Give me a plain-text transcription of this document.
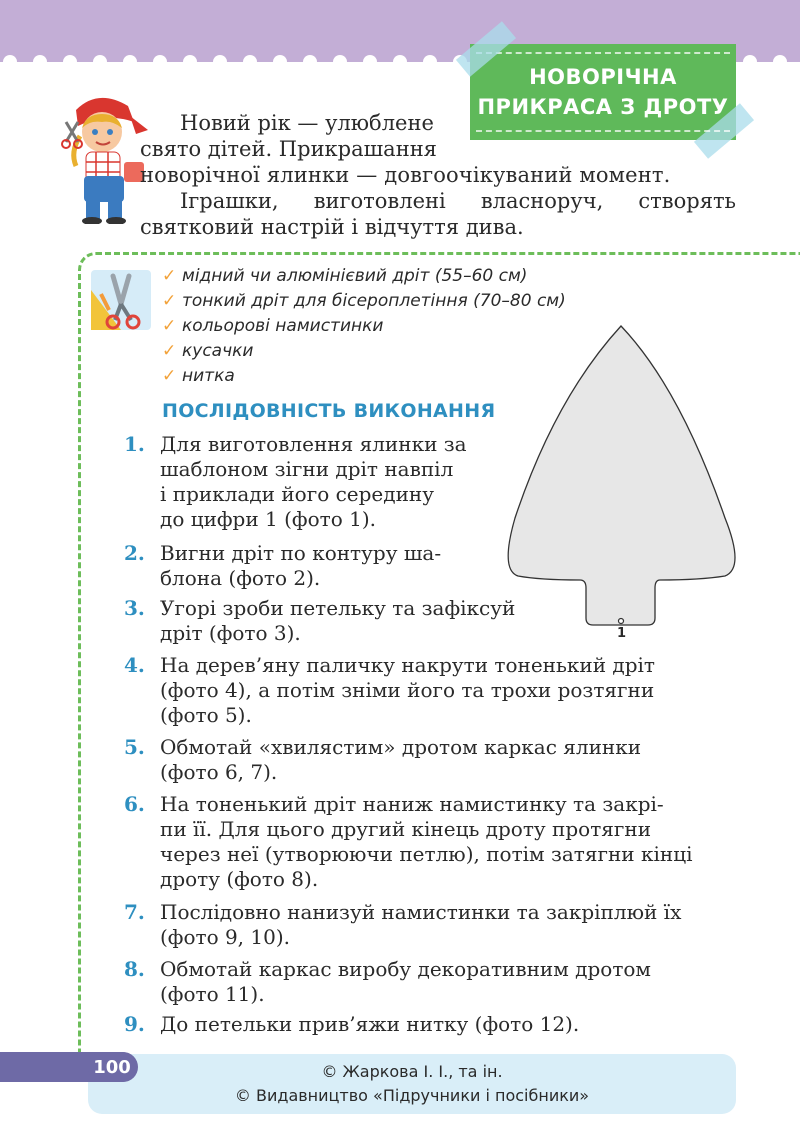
НОВОРІЧНА
ПРИКРАСА З ДРОТУ
Новий рік — улюблене
свято дітей. Прикрашання
новорічної ялинки — довгоочікуваний момент.
Іграшки, виготовлені власноруч, створять
святковий настрій і відчуття дива.
✓ мідний чи алюмінієвий дріт (55–60 см)
✓ тонкий дріт для бісероплетіння (70–80 см)
✓ кольорові намистинки
✓ кусачки
✓ нитка
ПОСЛІДОВНІСТЬ ВИКОНАННЯ
1
1. Для виготовлення ялинки за
шаблоном зігни дріт навпіл
і приклади його середину
до цифри 1 (фото 1).
2. Вигни дріт по контуру ша-
блона (фото 2).
3. Угорі зроби петельку та зафіксуй
дріт (фото 3).
4. На дерев’яну паличку накрути тоненький дріт
(фото 4), а потім зніми його та трохи розтягни
(фото 5).
5. Обмотай «хвилястим» дротом каркас ялинки
(фото 6, 7).
6. На тоненький дріт наниж намистинку та закрі-
пи її. Для цього другий кінець дроту протягни
через неї (утворюючи петлю), потім затягни кінці
дроту (фото 8).
7. Послідовно нанизуй намистинки та закріплюй їх
(фото 9, 10).
8. Обмотай каркас виробу декоративним дротом
(фото 11).
9. До петельки прив’яжи нитку (фото 12).
© Жаркова І. І., та ін.
© Видавництво «Підручники і посібники»
100
